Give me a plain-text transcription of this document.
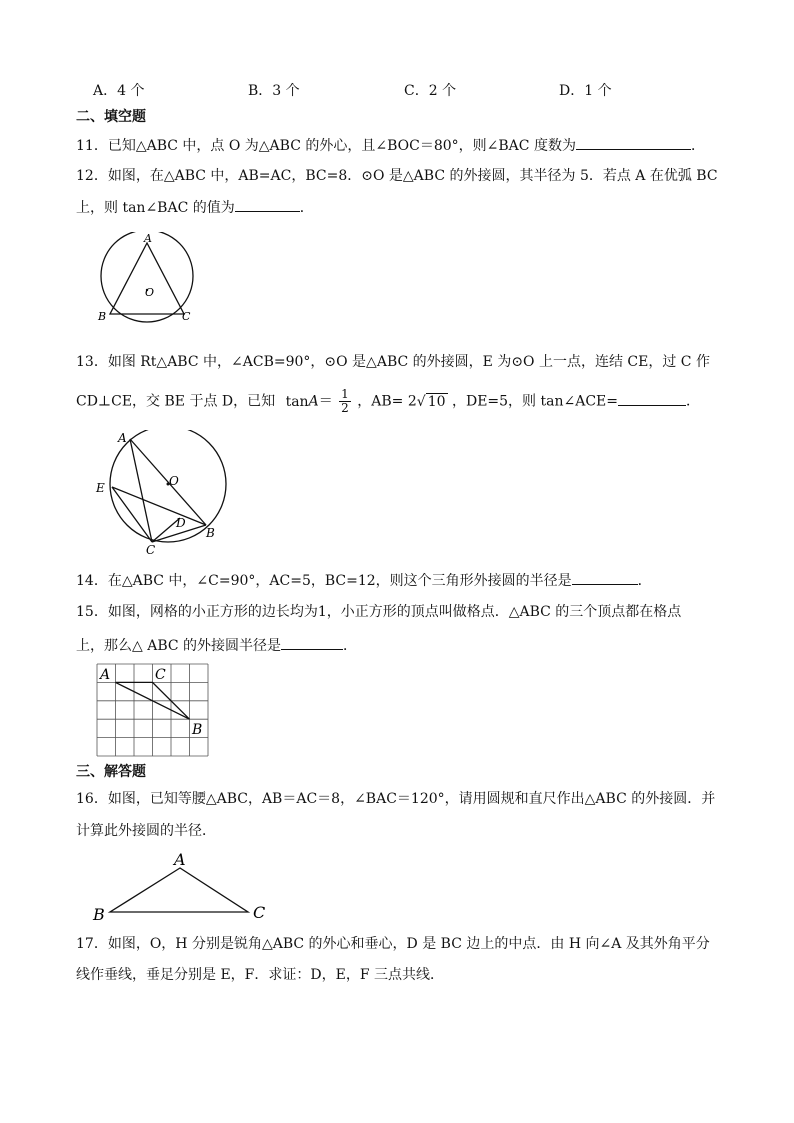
A．4 个	B．3 个	C．2 个	D．1 个
二、填空题
11．已知△ABC 中，点 O 为△ABC 的外心，且∠BOC＝80°，则∠BAC 度数为	．
12．如图，在△ABC 中，AB=AC，BC=8．⊙O 是△ABC 的外接圆，其半径为 5．若点 A 在优弧 BC
上，则 tan∠BAC 的值为	．
A
O
B	C
13．如图 Rt△ABC 中，∠ACB=90°，⊙O 是△ABC 的外接圆，E 为⊙O 上一点，连结 CE，过 C 作
CD⊥CE，交 BE 于点 D，已知 $\tan A= \frac{1}{2}$ ，AB= 2√ 10 ，DE=5，则 tan∠ACE=	．
A
O
E
D
C
B
14．在△ABC 中，∠C=90°，AC=5，BC=12，则这个三角形外接圆的半径是	．
15．如图，网格的小正方形的边长均为1，小正方形的顶点叫做格点．△ABC 的三个顶点都在格点
上，那么△ ABC 的外接圆半径是	．
A	C
B
三、解答题
16．如图，已知等腰△ABC，AB＝AC＝8，∠BAC＝120°，请用圆规和直尺作出△ABC 的外接圆．并
计算此外接圆的半径．
A
B	C
17．如图，O，H 分别是锐角△ABC 的外心和垂心，D 是 BC 边上的中点．由 H 向∠A 及其外角平分
线作垂线，垂足分别是 E，F．求证：D，E，F 三点共线．
